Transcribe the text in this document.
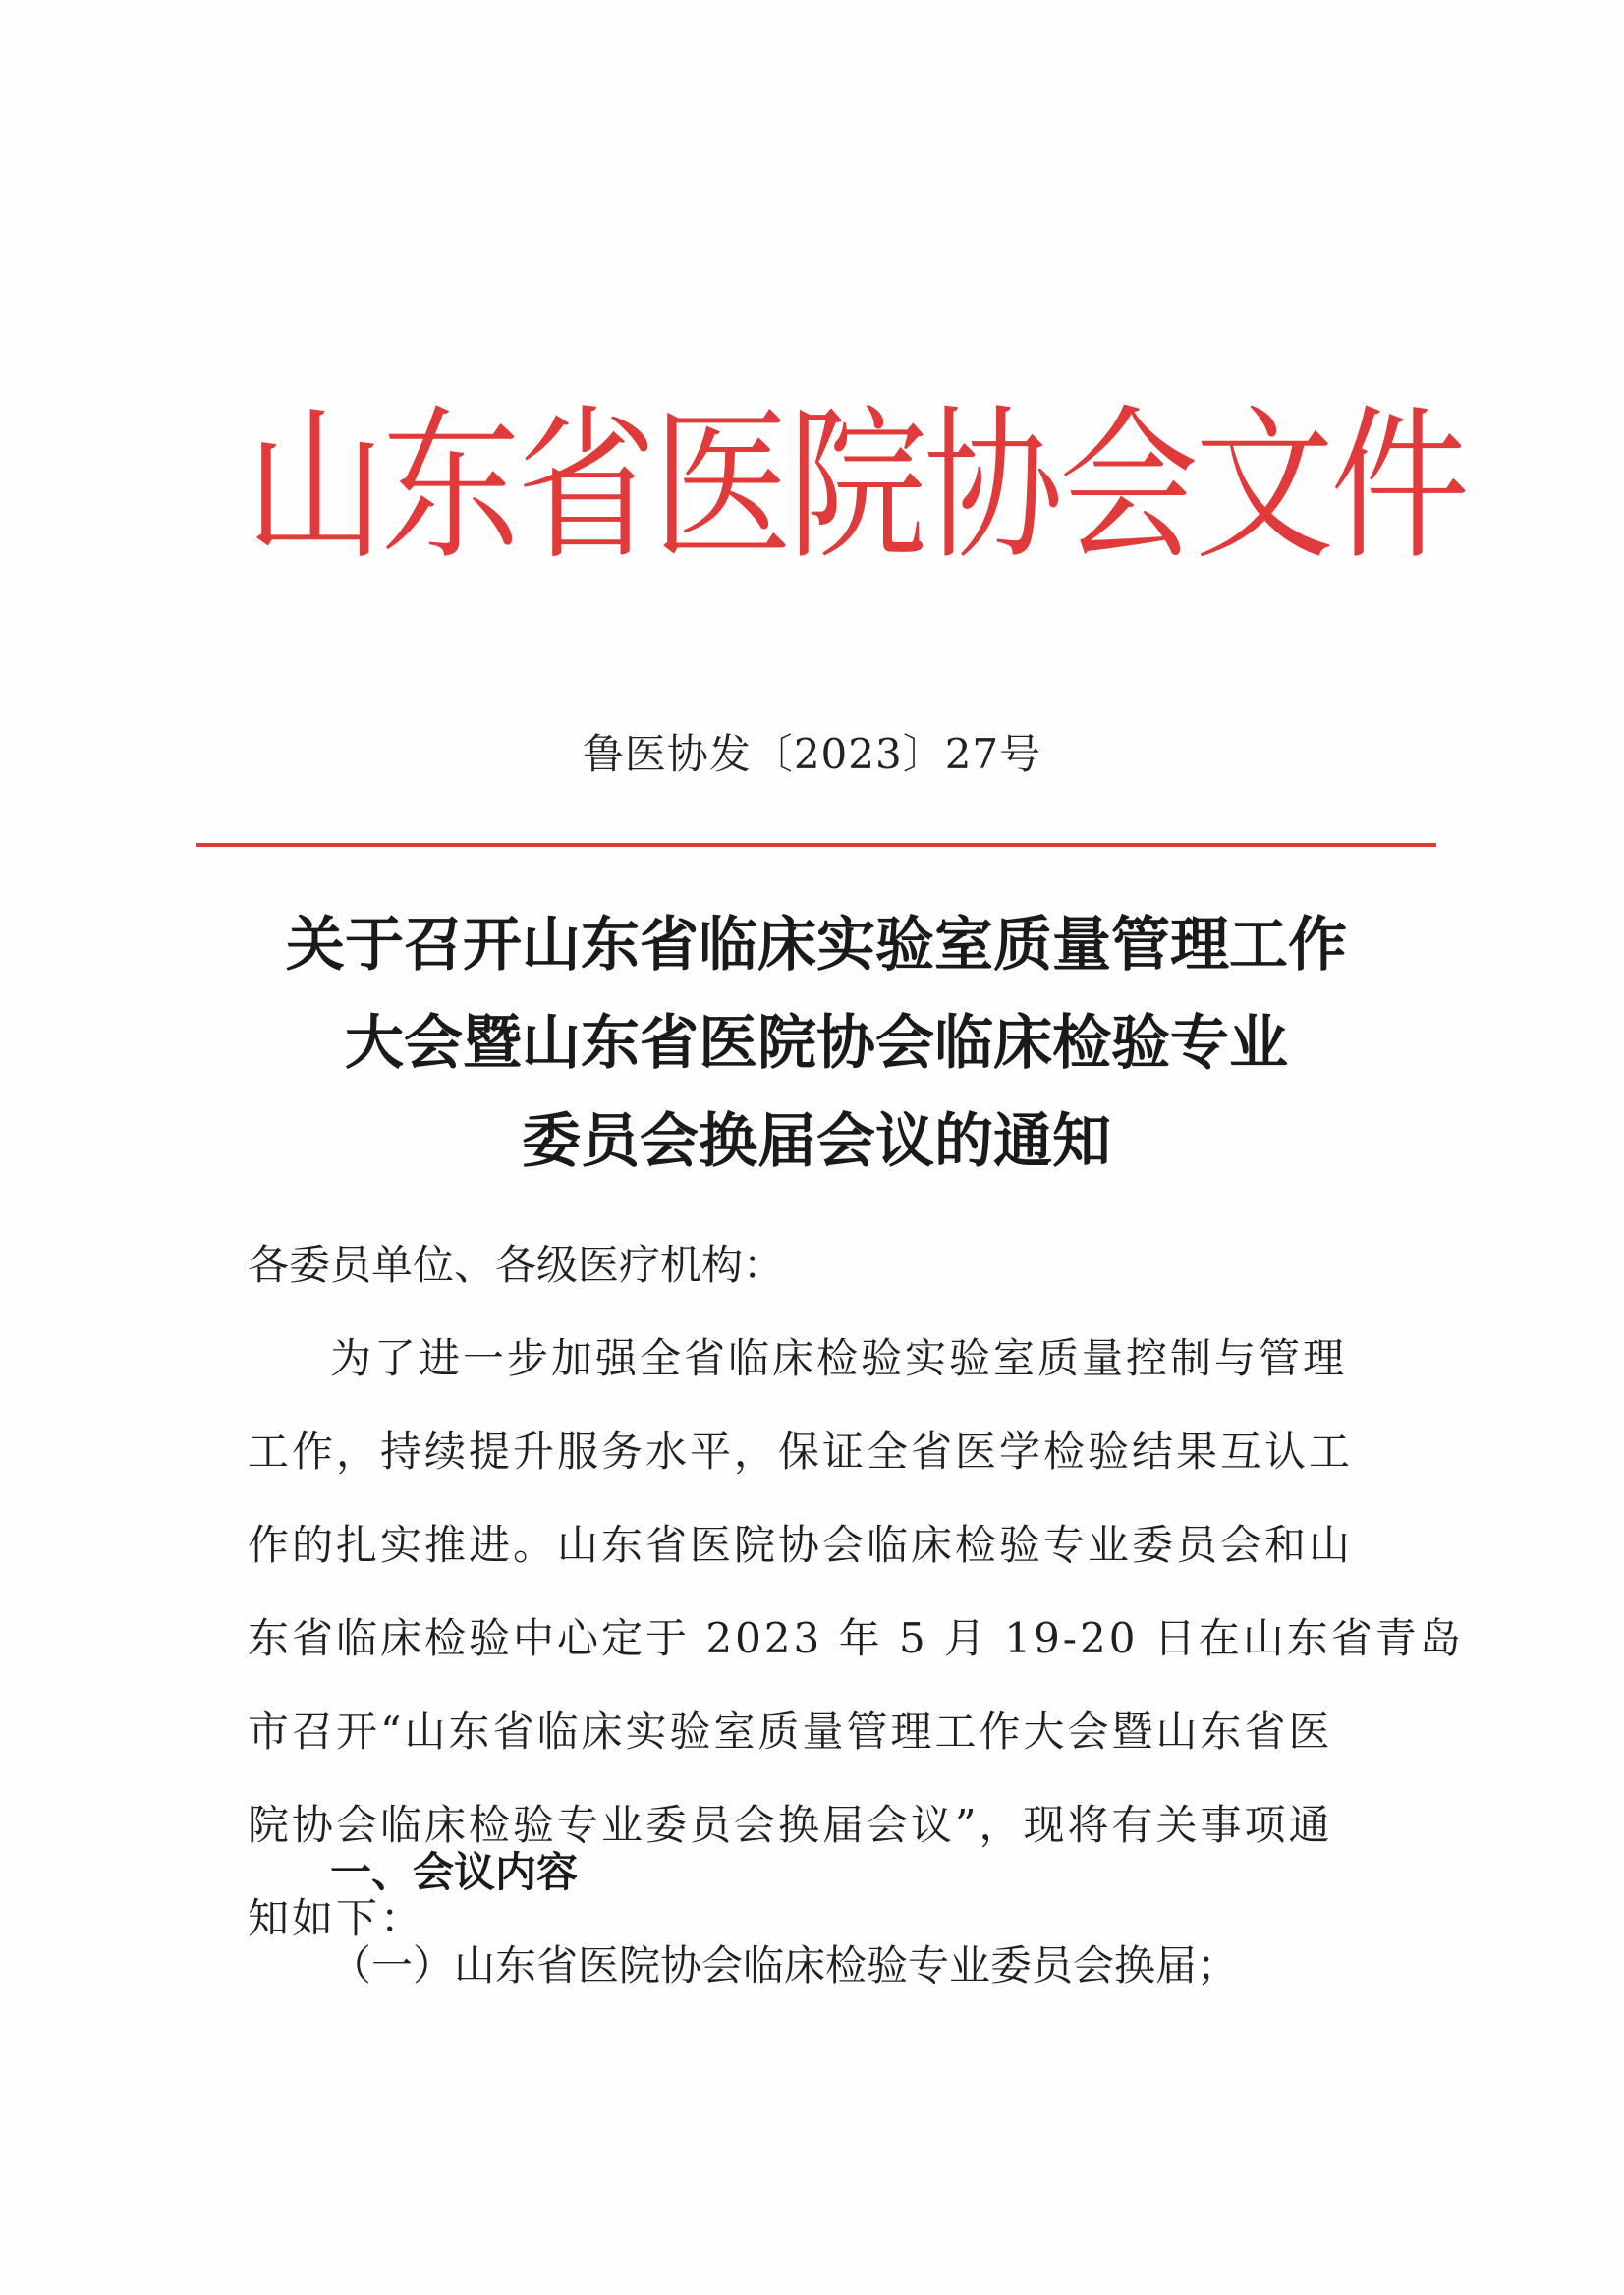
山东省医院协会文件
鲁医协发〔2023〕27号
关于召开山东省临床实验室质量管理工作
大会暨山东省医院协会临床检验专业
委员会换届会议的通知
各委员单位、各级医疗机构：
为了进一步加强全省临床检验实验室质量控制与管理
工作，持续提升服务水平，保证全省医学检验结果互认工
作的扎实推进。山东省医院协会临床检验专业委员会和山
东省临床检验中心定于 2023 年 5 月 19-20 日在山东省青岛
市召开“山东省临床实验室质量管理工作大会暨山东省医
院协会临床检验专业委员会换届会议”，现将有关事项通
知如下：
一、会议内容
（一）山东省医院协会临床检验专业委员会换届；
